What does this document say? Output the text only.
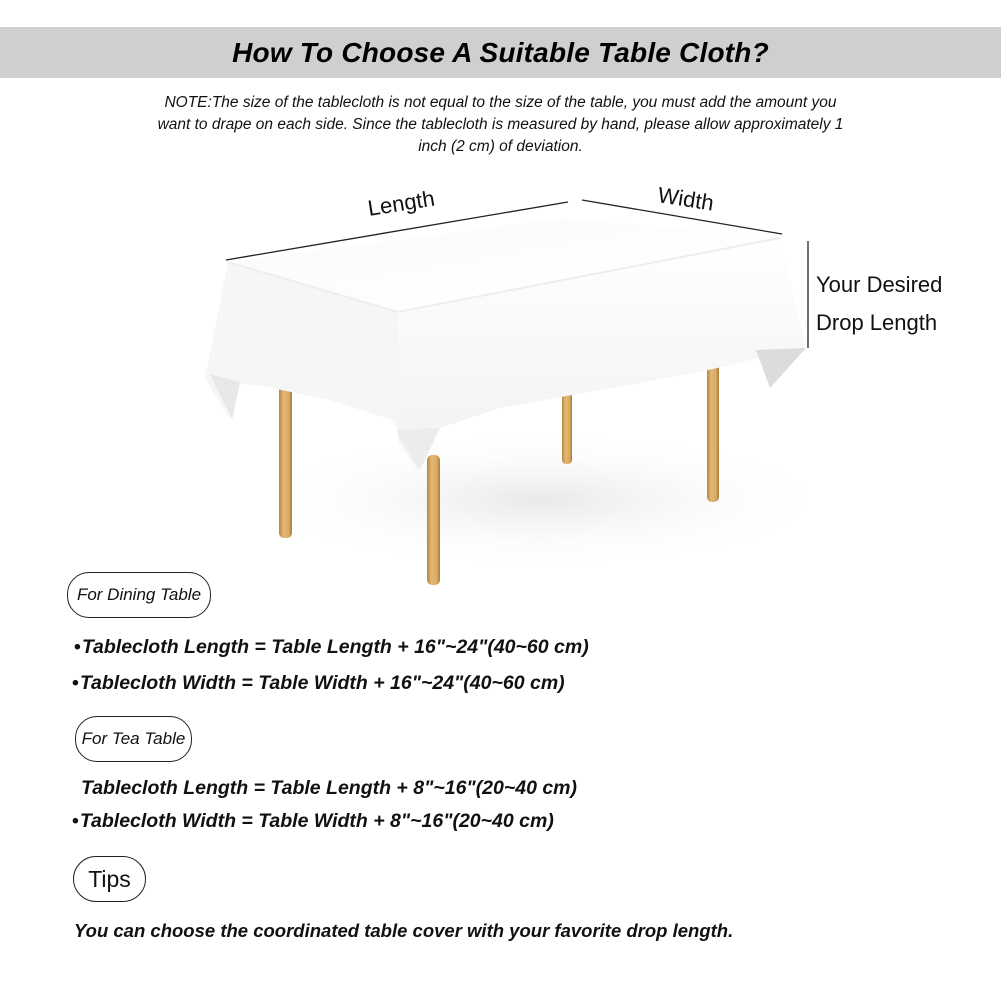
How To Choose A Suitable Table Cloth?
NOTE:The size of the tablecloth is not equal to the size of the table, you must add the amount you want to drape on each side. Since the tablecloth is measured by hand, please allow approximately 1 inch (2 cm) of deviation.
Length	Width
Your Desired
Drop Length
For Dining Table
•Tablecloth Length = Table Length + 16"~24"(40~60 cm)
•Tablecloth Width = Table Width + 16"~24"(40~60 cm)
For Tea Table
Tablecloth Length = Table Length + 8"~16"(20~40 cm)
•Tablecloth Width = Table Width + 8"~16"(20~40 cm)
Tips
You can choose the coordinated table cover with your favorite drop length.
